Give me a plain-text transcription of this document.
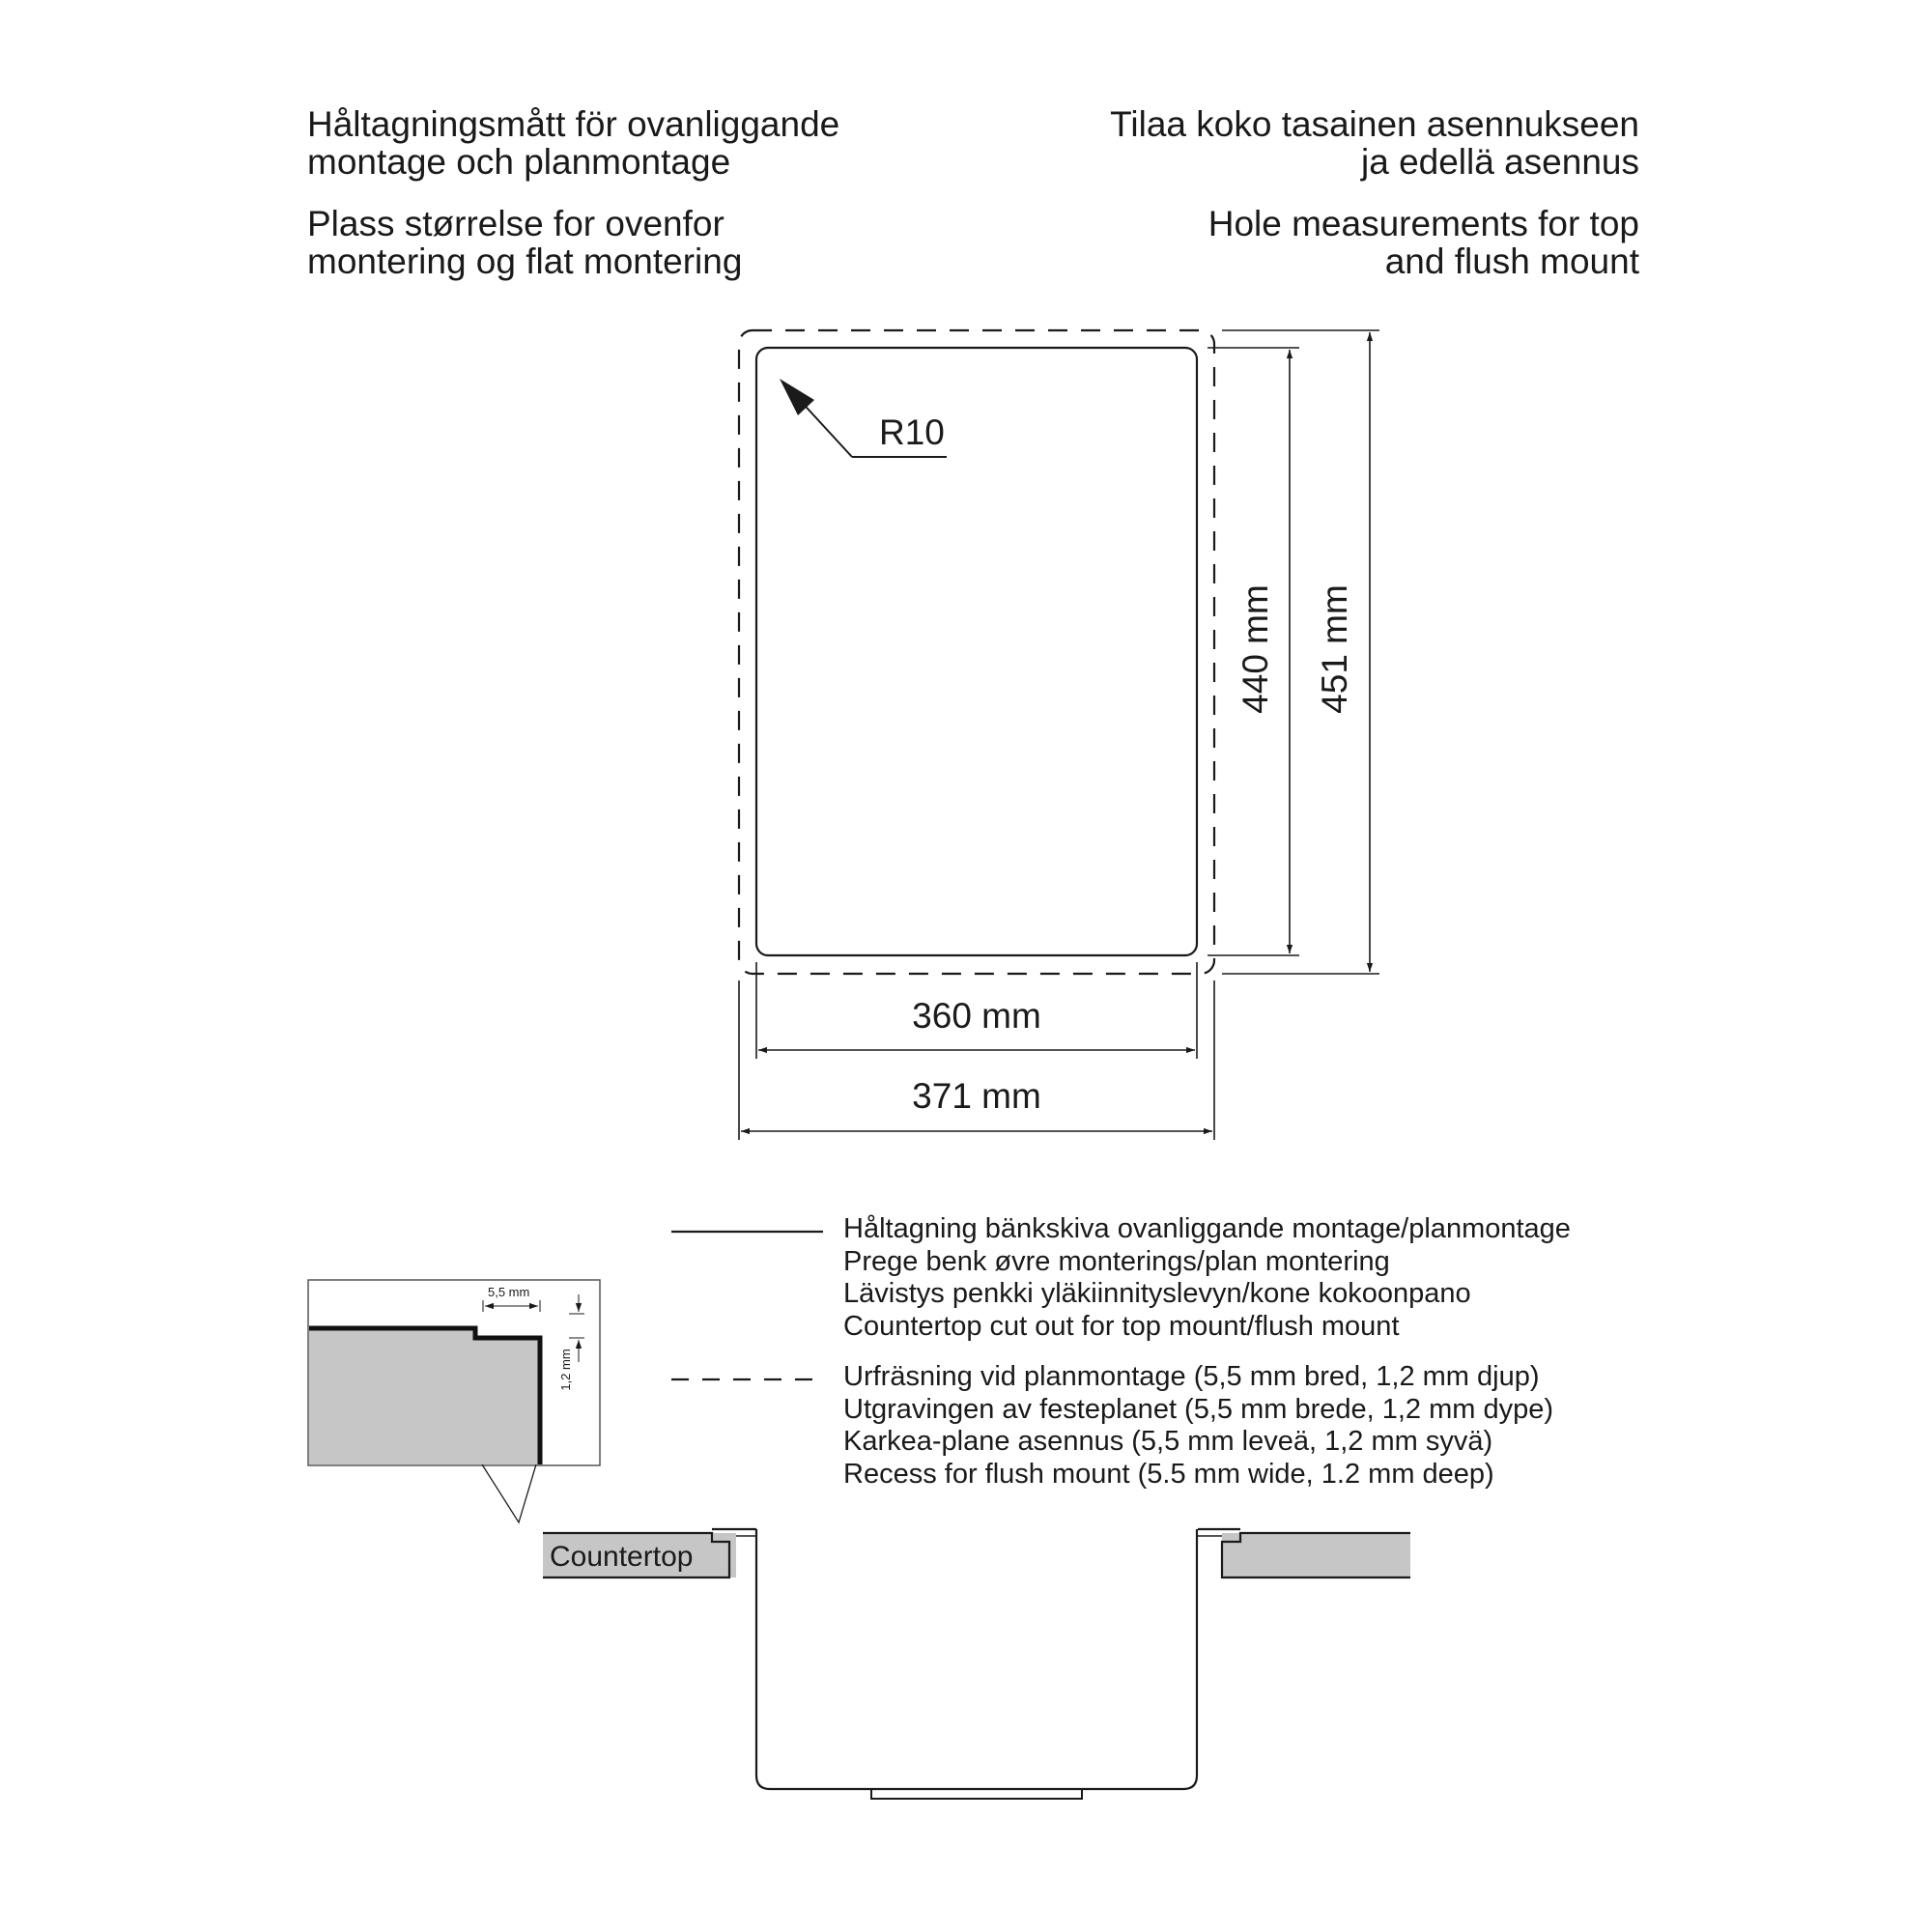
Håltagningsmått för ovanliggande
montage och planmontage
Tilaa koko tasainen asennukseen
ja edellä asennus
Plass størrelse for ovenfor
montering og flat montering
Hole measurements for top
and flush mount
R10
440 mm 451 mm
360 mm
371 mm
5,5 mm
1,2 mm
Countertop
Håltagning bänkskiva ovanliggande montage/planmontage
Prege benk øvre monterings/plan montering
Lävistys penkki yläkiinnityslevyn/kone kokoonpano
Countertop cut out for top mount/flush mount
Urfräsning vid planmontage (5,5 mm bred, 1,2 mm djup)
Utgravingen av festeplanet (5,5 mm brede, 1,2 mm dype)
Karkea-plane asennus (5,5 mm leveä, 1,2 mm syvä)
Recess for flush mount (5.5 mm wide, 1.2 mm deep)
